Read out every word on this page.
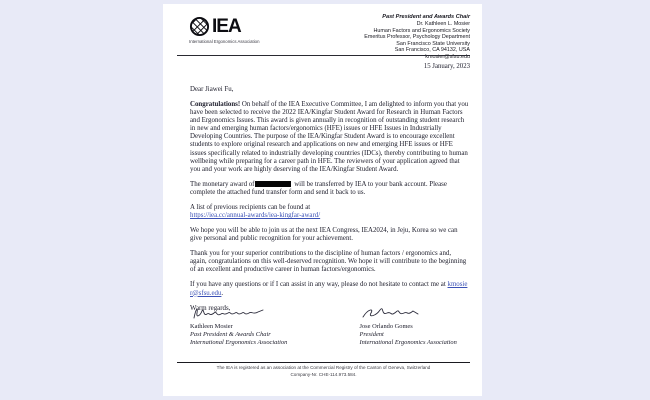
IEA
International Ergonomics Association
Past President and Awards Chair
Dr. Kathleen L. Mosier
Human Factors and Ergonomics Society
Emeritus Professor, Psychology Department
San Francisco State University
San Francisco, CA 94132, USA
kmosier@sfsu.edu
15 January, 2023
Dear Jiawei Fu,

Congratulations! On behalf of the IEA Executive Committee, I am delighted to inform you that you have been selected to receive the 2022 IEA/Kingfar Student Award for Research in Human Factors and Ergonomics Issues. This award is given annually in recognition of outstanding student research in new and emerging human factors/ergonomics (HFE) issues or HFE Issues in Industrially Developing Countries. The purpose of the IEA/Kingfar Student Award is to encourage excellent students to explore original research and applications on new and emerging HFE issues or HFE issues specifically related to industrially developing countries (IDCs), thereby contributing to human wellbeing while preparing for a career path in HFE. The reviewers of your application agreed that you and your work are highly deserving of the IEA/Kingfar Student Award.

The monetary award of	will be transferred by IEA to your bank account. Please complete the attached fund transfer form and send it back to us.

A list of previous recipients can be found at
https://iea.cc/annual-awards/iea-kingfar-award/

We hope you will be able to join us at the next IEA Congress, IEA2024, in Jeju, Korea so we can give personal and public recognition for your achievement.

Thank you for your superior contributions to the discipline of human factors / ergonomics and, again, congratulations on this well-deserved recognition. We hope it will contribute to the beginning of an excellent and productive career in human factors/ergonomics.

If you have any questions or if I can assist in any way, please do not hesitate to contact me at kmosier@sfsu.edu.

Warm regards,

Kathleen Mosier
Past President & Awards Chair
International Ergonomics Association
Jose Orlando Gomes
President
International Ergonomics Association
The IEA is registered as an association at the Commercial Registry of the Canton of Geneva, Switzerland
Company-Nr. CHE-114.973.584.
